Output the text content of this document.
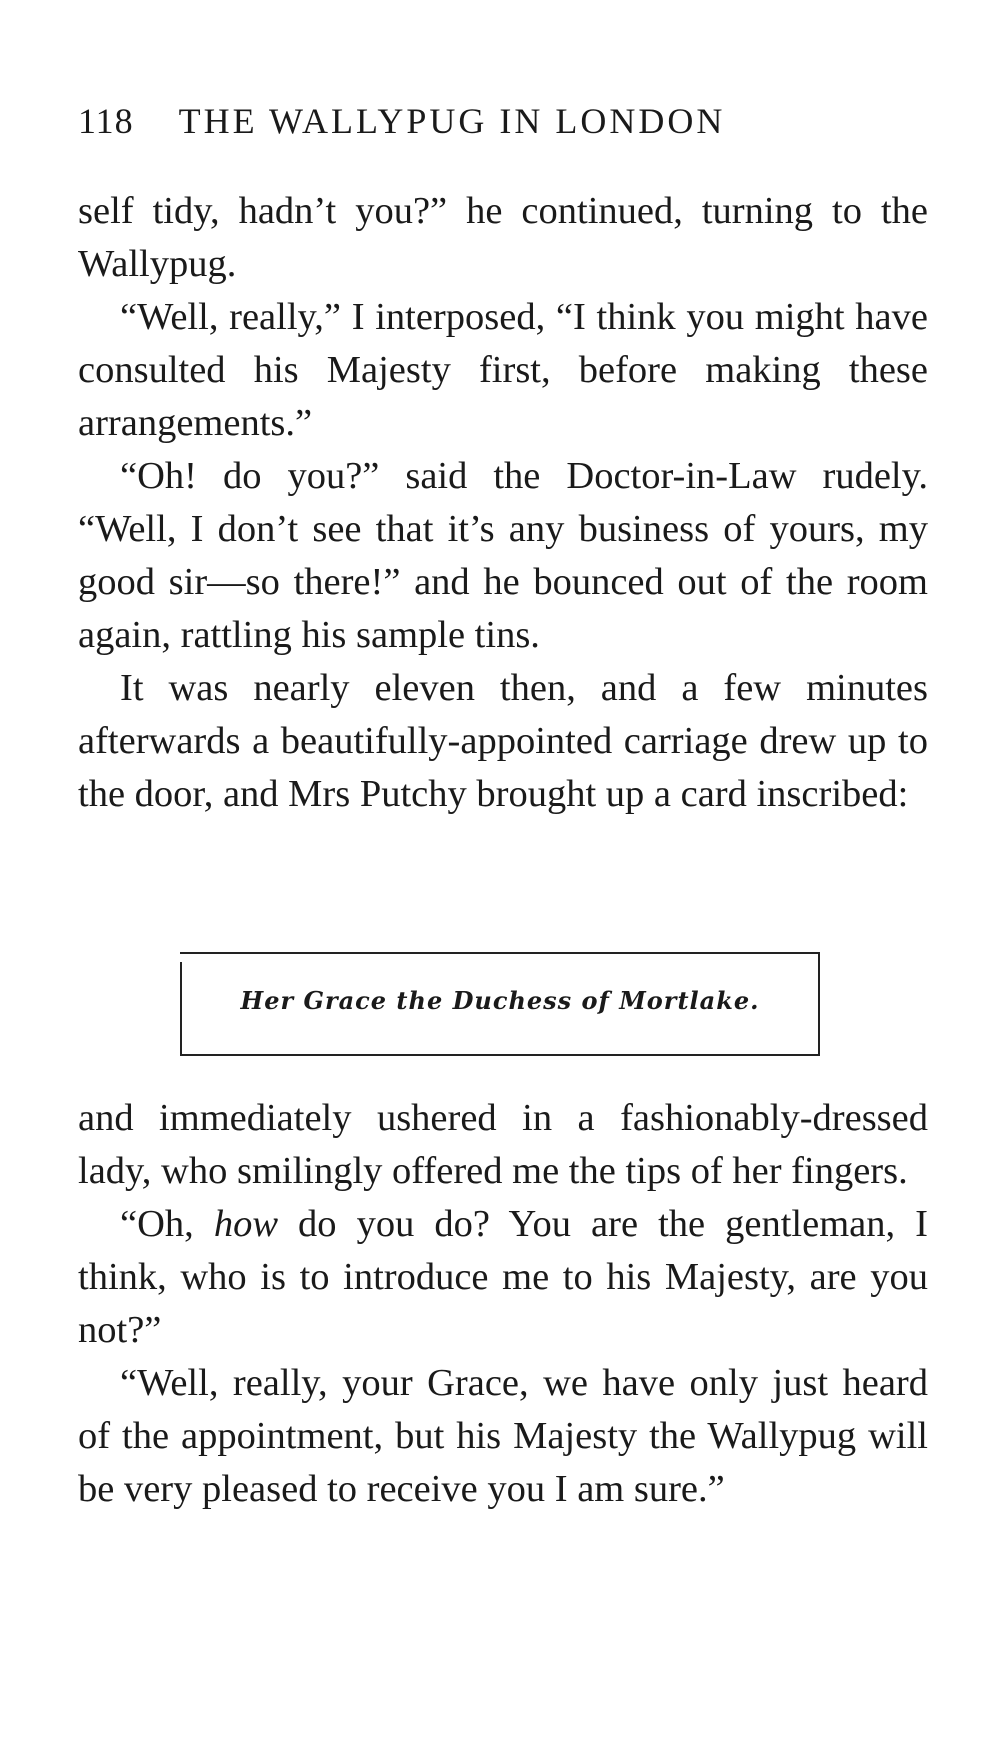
118 THE WALLYPUG IN LONDON

self tidy, hadn’t you?” he continued, turning to the Wallypug.

“Well, really,” I interposed, “I think you might have consulted his Majesty first, before making these arrangements.”

“Oh! do you?” said the Doctor-in-Law rudely. “Well, I don’t see that it’s any business of yours, my good sir—so there!” and he bounced out of the room again, rattling his sample tins.

It was nearly eleven then, and a few minutes afterwards a beautifully-appointed carriage drew up to the door, and Mrs Putchy brought up a card inscribed:

Her Grace the Duchess of Mortlake.

and immediately ushered in a fashionably-dressed lady, who smilingly offered me the tips of her fingers.

“Oh, how do you do? You are the gentleman, I think, who is to introduce me to his Majesty, are you not?”

“Well, really, your Grace, we have only just heard of the appointment, but his Majesty the Wallypug will be very pleased to receive you I am sure.”
